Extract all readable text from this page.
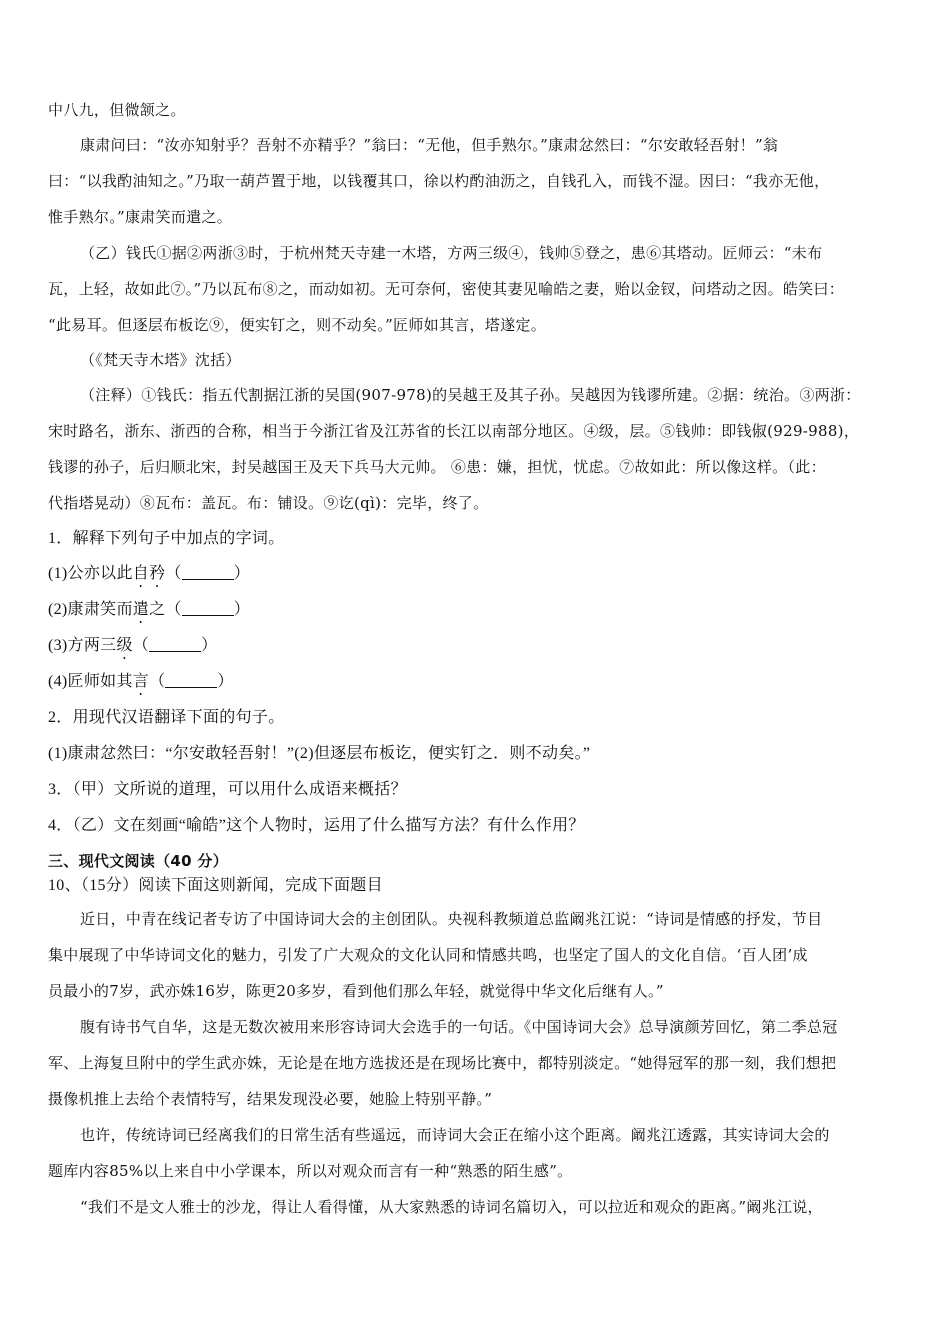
中八九，但微颔之。
康肃问曰：“汝亦知射乎？吾射不亦精乎？”翁曰：“无他，但手熟尔。”康肃忿然曰：“尔安敢轻吾射！”翁
曰：“以我酌油知之。”乃取一葫芦置于地，以钱覆其口，徐以杓酌油沥之，自钱孔入，而钱不湿。因曰：“我亦无他，
惟手熟尔。”康肃笑而遣之。
（乙）钱氏①据②两浙③时，于杭州梵天寺建一木塔，方两三级④，钱帅⑤登之，患⑥其塔动。匠师云：“未布
瓦，上轻，故如此⑦。”乃以瓦布⑧之，而动如初。无可奈何，密使其妻见喻皓之妻，贻以金钗，问塔动之因。皓笑曰：
“此易耳。但逐层布板讫⑨，便实钉之，则不动矣。”匠师如其言，塔遂定。
（《梵天寺木塔》沈括）
（注释）①钱氏：指五代割据江浙的吴国(907-978)的吴越王及其子孙。吴越因为钱谬所建。②据：统治。③两浙：
宋时路名，浙东、浙西的合称，相当于今浙江省及江苏省的长江以南部分地区。④级，层。⑤钱帅：即钱俶(929-988)，
钱谬的孙子，后归顺北宋，封吴越国王及天下兵马大元帅。 ⑥患：嫌，担忧，忧虑。⑦故如此：所以像这样。（此：
代指塔晃动）⑧瓦布：盖瓦。布：铺设。⑨讫(qì)：完毕，终了。
1．解释下列句子中加点的字词。
(1)公亦以此自矜（	）
(2)康肃笑而遣之（	）
(3)方两三级（	）
(4)匠师如其言（	）
2．用现代汉语翻译下面的句子。
(1)康肃忿然曰：“尔安敢轻吾射！”(2)但逐层布板讫，便实钉之．则不动矣。”
3．（甲）文所说的道理，可以用什么成语来概括？
4．（乙）文在刻画“喻皓”这个人物时，运用了什么描写方法？有什么作用？
三、现代文阅读（40 分）
10、（15分）阅读下面这则新闻，完成下面题目
近日，中青在线记者专访了中国诗词大会的主创团队。央视科教频道总监阚兆江说：“诗词是情感的抒发，节目
集中展现了中华诗词文化的魅力，引发了广大观众的文化认同和情感共鸣，也坚定了国人的文化自信。‘百人团’成
员最小的7岁，武亦姝16岁，陈更20多岁，看到他们那么年轻，就觉得中华文化后继有人。”
腹有诗书气自华，这是无数次被用来形容诗词大会选手的一句话。《中国诗词大会》总导演颜芳回忆，第二季总冠
军、上海复旦附中的学生武亦姝，无论是在地方选拔还是在现场比赛中，都特别淡定。“她得冠军的那一刻，我们想把
摄像机推上去给个表情特写，结果发现没必要，她脸上特别平静。”
也许，传统诗词已经离我们的日常生活有些遥远，而诗词大会正在缩小这个距离。阚兆江透露，其实诗词大会的
题库内容85%以上来自中小学课本，所以对观众而言有一种“熟悉的陌生感”。
“我们不是文人雅士的沙龙，得让人看得懂，从大家熟悉的诗词名篇切入，可以拉近和观众的距离。”阚兆江说，
